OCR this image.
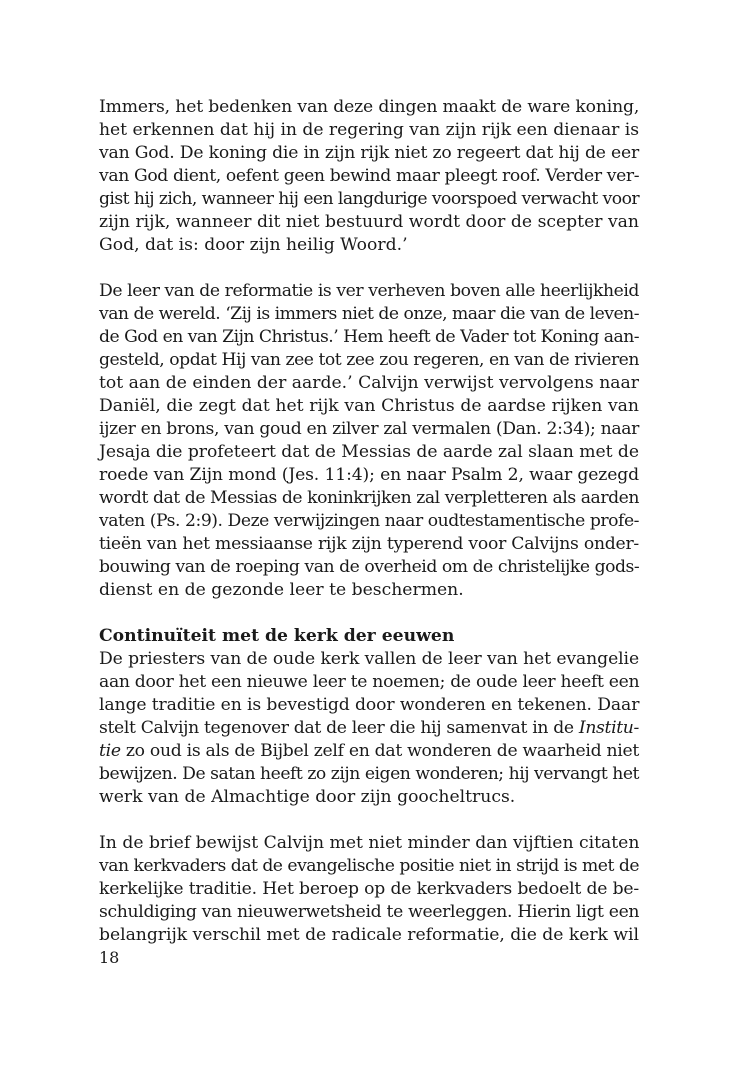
Immers, het bedenken van deze dingen maakt de ware koning,
het erkennen dat hij in de regering van zijn rijk een dienaar is
van God. De koning die in zijn rijk niet zo regeert dat hij de eer
van God dient, oefent geen bewind maar pleegt roof. Verder ver-
gist hij zich, wanneer hij een langdurige voorspoed verwacht voor
zijn rijk, wanneer dit niet bestuurd wordt door de scepter van
God, dat is: door zijn heilig Woord.’

De leer van de reformatie is ver verheven boven alle heerlijkheid
van de wereld. ‘Zij is immers niet de onze, maar die van de leven-
de God en van Zijn Christus.’ Hem heeft de Vader tot Koning aan-
gesteld, opdat Hij van zee tot zee zou regeren, en van de rivieren
tot aan de einden der aarde.’ Calvijn verwijst vervolgens naar
Daniël, die zegt dat het rijk van Christus de aardse rijken van
ijzer en brons, van goud en zilver zal vermalen (Dan. 2:34); naar
Jesaja die profeteert dat de Messias de aarde zal slaan met de
roede van Zijn mond (Jes. 11:4); en naar Psalm 2, waar gezegd
wordt dat de Messias de koninkrijken zal verpletteren als aarden
vaten (Ps. 2:9). Deze verwijzingen naar oudtestamentische profe-
tieën van het messiaanse rijk zijn typerend voor Calvijns onder-
bouwing van de roeping van de overheid om de christelijke gods-
dienst en de gezonde leer te beschermen.

Continuïteit met de kerk der eeuwen

De priesters van de oude kerk vallen de leer van het evangelie
aan door het een nieuwe leer te noemen; de oude leer heeft een
lange traditie en is bevestigd door wonderen en tekenen. Daar
stelt Calvijn tegenover dat de leer die hij samenvat in de Institu-
tie zo oud is als de Bijbel zelf en dat wonderen de waarheid niet
bewijzen. De satan heeft zo zijn eigen wonderen; hij vervangt het
werk van de Almachtige door zijn goocheltrucs.

In de brief bewijst Calvijn met niet minder dan vijftien citaten
van kerkvaders dat de evangelische positie niet in strijd is met de
kerkelijke traditie. Het beroep op de kerkvaders bedoelt de be-
schuldiging van nieuwerwetsheid te weerleggen. Hierin ligt een
belangrijk verschil met de radicale reformatie, die de kerk wil

18
